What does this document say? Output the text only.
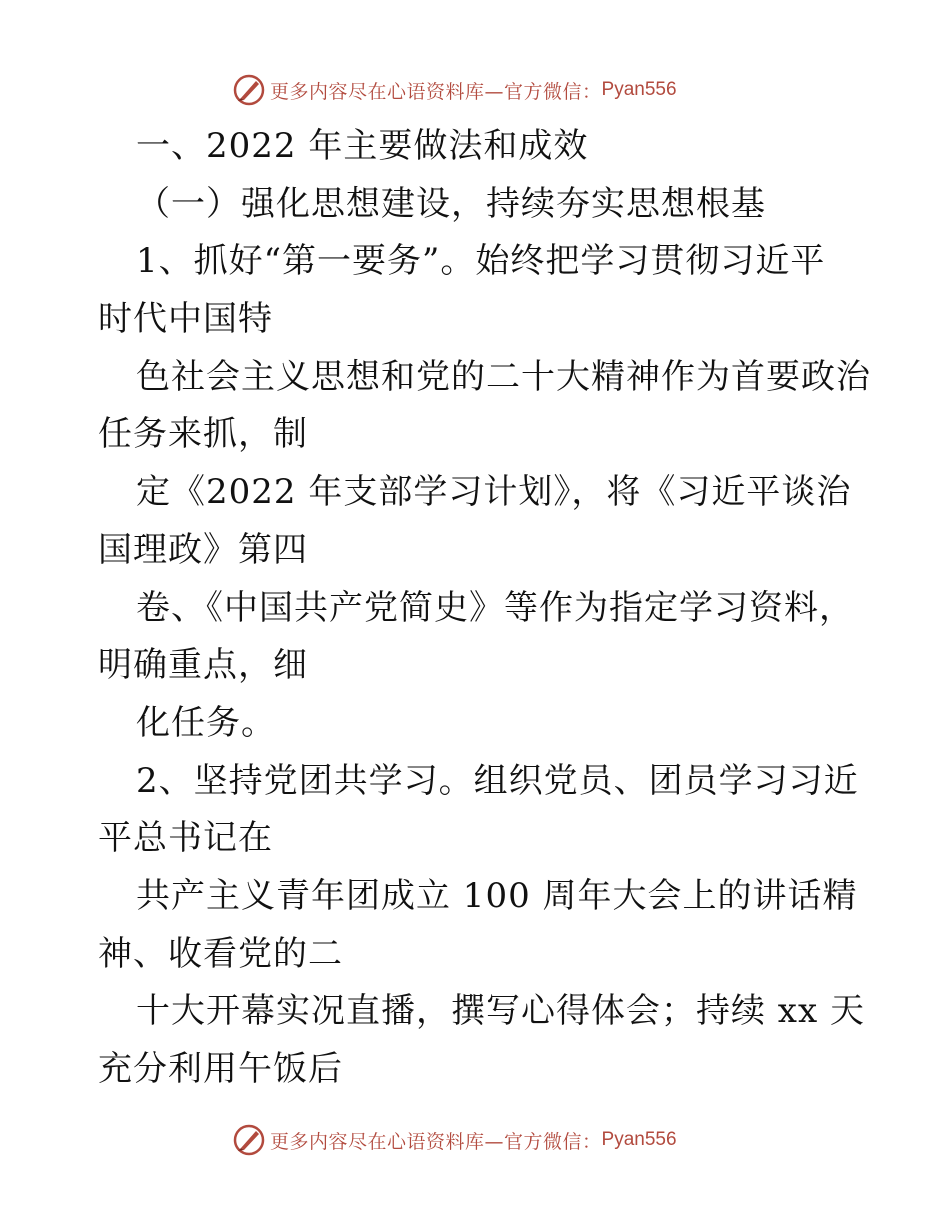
更多内容尽在心语资料库—官方微信： Pyan556
一、2022 年主要做法和成效
（一）强化思想建设，持续夯实思想根基
1、抓好“第一要务”。始终把学习贯彻习近平
时代中国特
色社会主义思想和党的二十大精神作为首要政治
任务来抓，制
定《2022 年支部学习计划》，将《习近平谈治
国理政》第四
卷、《中国共产党简史》等作为指定学习资料，
明确重点，细
化任务。
2、坚持党团共学习。组织党员、团员学习习近
平总书记在
共产主义青年团成立 100 周年大会上的讲话精
神、收看党的二
十大开幕实况直播，撰写心得体会；持续 xx 天
充分利用午饭后
更多内容尽在心语资料库—官方微信： Pyan556
